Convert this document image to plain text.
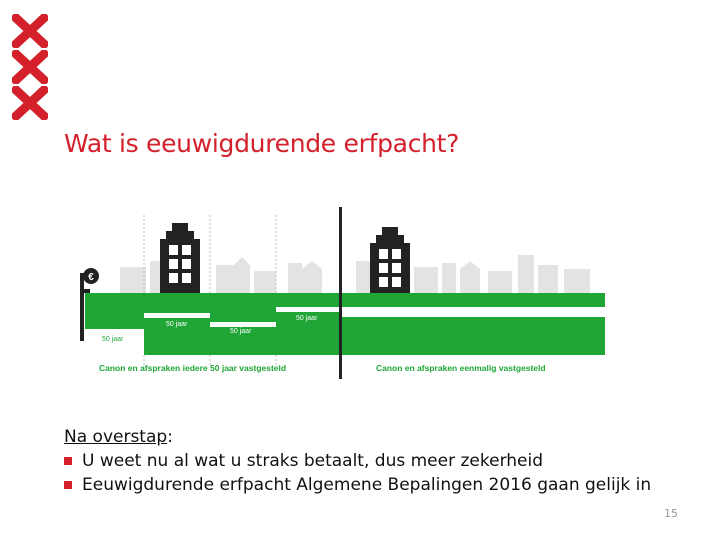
Wat is eeuwigdurende erfpacht?
50 jaar
50 jaar
50 jaar
50 jaar
€
Canon en afspraken iedere 50 jaar vastgesteld	Canon en afspraken eenmalig vastgesteld

Na overstap:

U weet nu al wat u straks betaalt, dus meer zekerheid
Eeuwigdurende erfpacht Algemene Bepalingen 2016 gaan gelijk in
15
